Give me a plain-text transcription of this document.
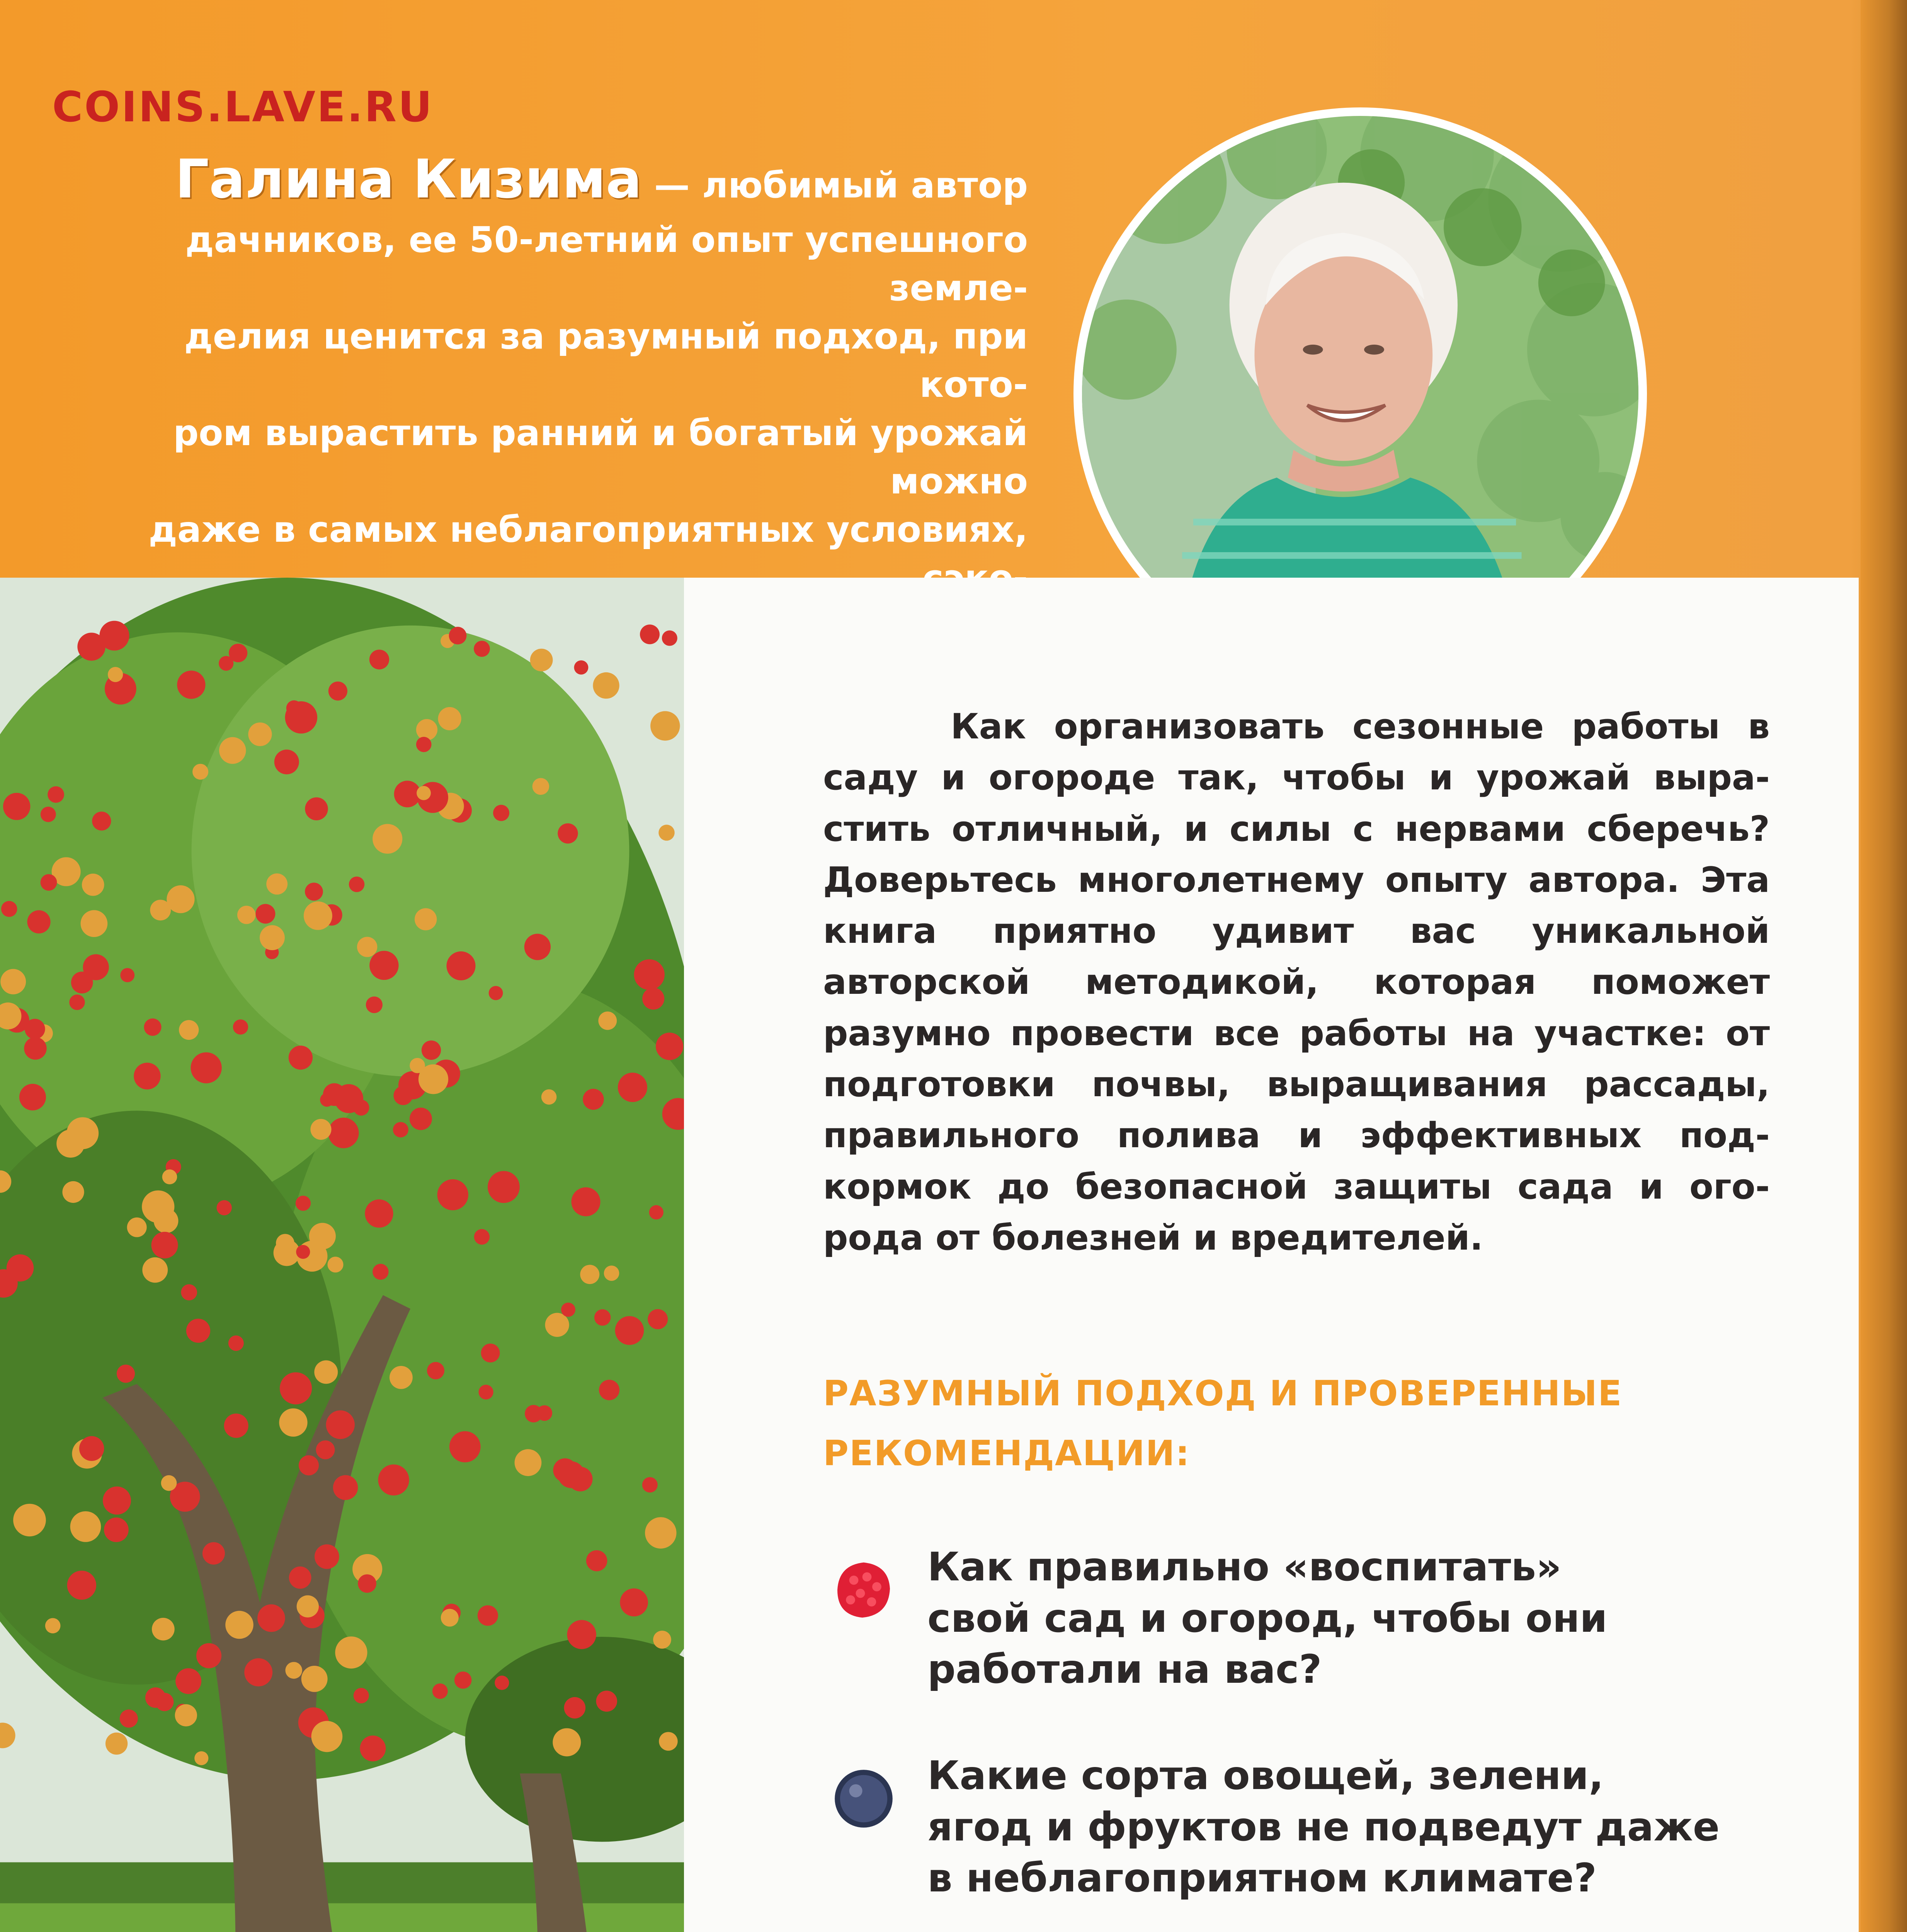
COINS.LAVE.RU
Галина Кизима — любимый автор
дачников, ее 50-летний опыт успешного земле-
делия ценится за разумный подход, при кото-
ром вырастить ранний и богатый урожай можно
даже в самых неблагоприятных условиях,
Как организовать сезонные работы в саду и огороде так, чтобы и урожай выра- стить отличный, и силы с нервами сберечь? Доверьтесь многолетнему опыту автора. Эта книга приятно удивит вас уникальной авторской методикой, которая поможет разумно провести все работы на участке: от подготовки почвы, выращивания рассады, правильного полива и эффективных под- кормок до безопасной защиты сада и ого- рода от болезней и вредителей.
РАЗУМНЫЙ ПОДХОД И ПРОВЕРЕННЫЕ
РЕКОМЕНДАЦИИ:
Как правильно «воспитать»
свой сад и огород, чтобы они
работали на вас?
Какие сорта овощей, зелени,
ягод и фруктов не подведут даже
в неблагоприятном климате?
